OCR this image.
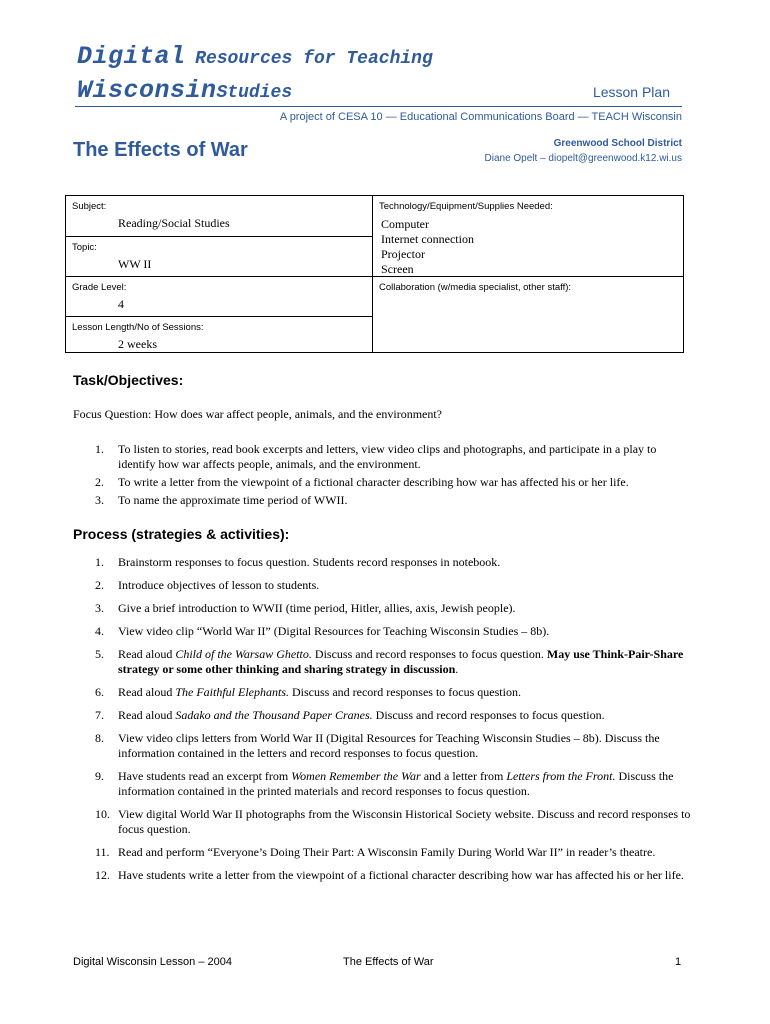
Digital Resources for Teaching
WisconsinStudies	Lesson Plan
A project of CESA 10 — Educational Communications Board — TEACH Wisconsin
The Effects of War	Greenwood School District
Diane Opelt – diopelt@greenwood.k12.wi.us
Subject:
Reading/Social Studies
Topic:
WW II
Grade Level:
4
Lesson Length/No of Sessions:
2 weeks
Technology/Equipment/Supplies Needed:
Computer
Internet connection
Projector
Screen
Collaboration (w/media specialist, other staff):
Task/Objectives:
Focus Question: How does war affect people, animals, and the environment?
1. To listen to stories, read book excerpts and letters, view video clips and photographs, and participate in a play to identify how war affects people, animals, and the environment.
2. To write a letter from the viewpoint of a fictional character describing how war has affected his or her life.
3. To name the approximate time period of WWII.
Process (strategies & activities):
1. Brainstorm responses to focus question. Students record responses in notebook.
2. Introduce objectives of lesson to students.
3. Give a brief introduction to WWII (time period, Hitler, allies, axis, Jewish people).
4. View video clip “World War II” (Digital Resources for Teaching Wisconsin Studies – 8b).
5. Read aloud Child of the Warsaw Ghetto. Discuss and record responses to focus question. May use Think-Pair-Share strategy or some other thinking and sharing strategy in discussion.
6. Read aloud The Faithful Elephants. Discuss and record responses to focus question.
7. Read aloud Sadako and the Thousand Paper Cranes. Discuss and record responses to focus question.
8. View video clips letters from World War II (Digital Resources for Teaching Wisconsin Studies – 8b). Discuss the information contained in the letters and record responses to focus question.
9. Have students read an excerpt from Women Remember the War and a letter from Letters from the Front. Discuss the information contained in the printed materials and record responses to focus question.
10. View digital World War II photographs from the Wisconsin Historical Society website. Discuss and record responses to focus question.
11. Read and perform “Everyone’s Doing Their Part: A Wisconsin Family During World War II” in reader’s theatre.
12. Have students write a letter from the viewpoint of a fictional character describing how war has affected his or her life.
Digital Wisconsin Lesson – 2004	The Effects of War	1
